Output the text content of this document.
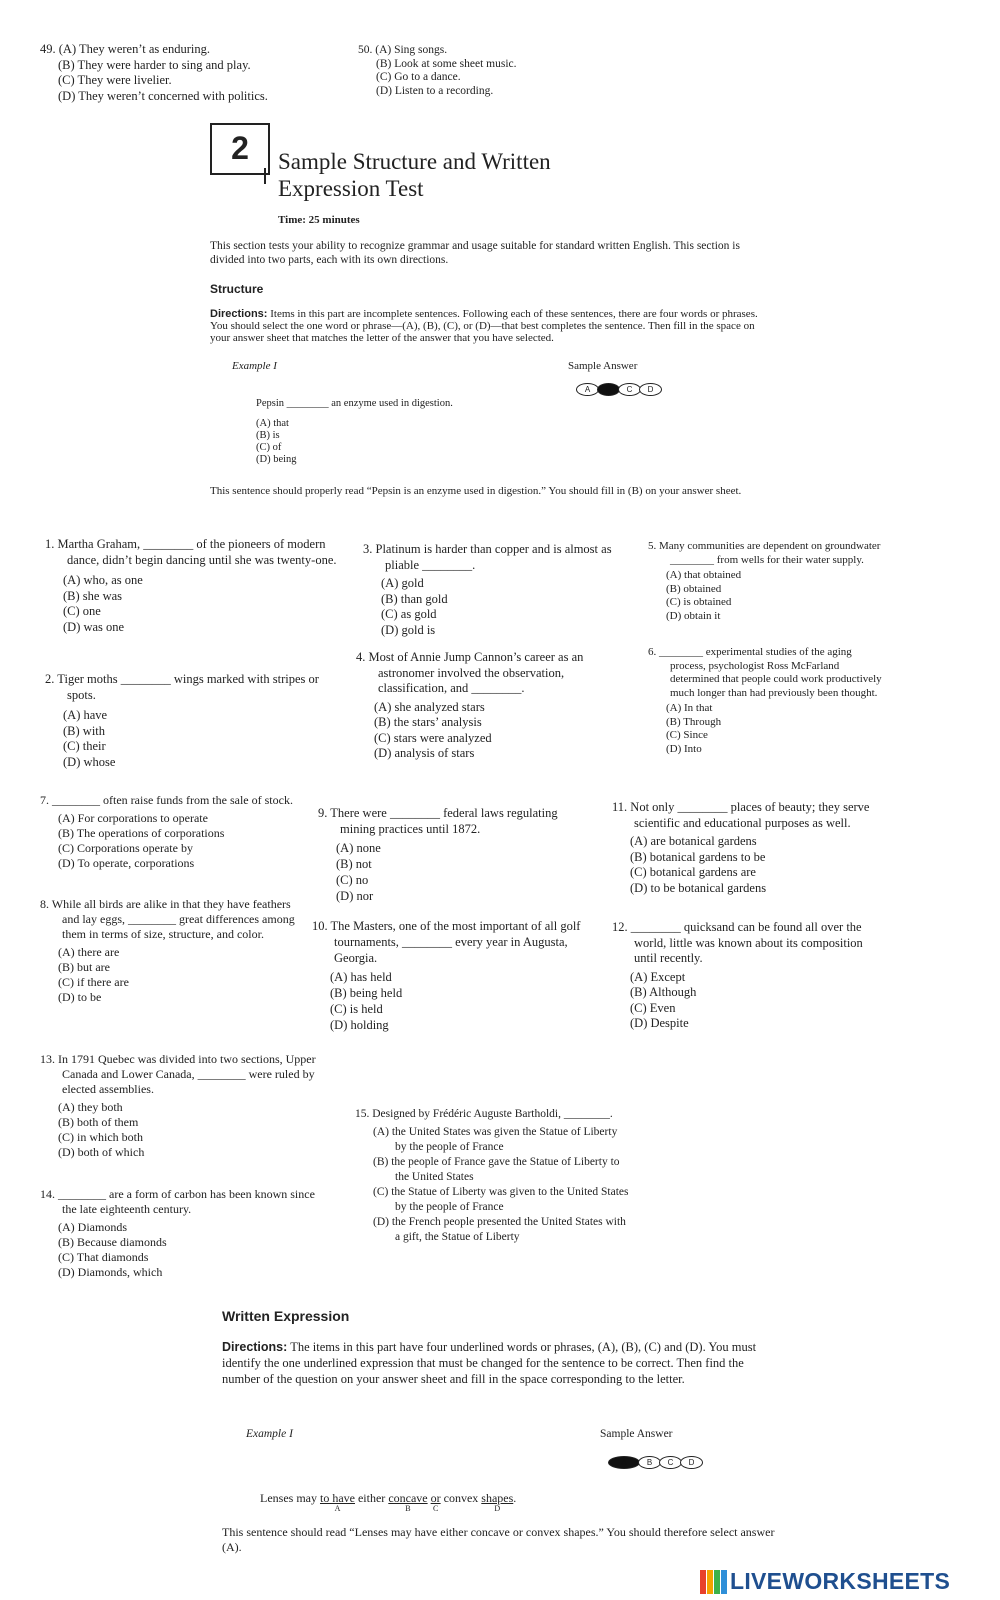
49. (A) They weren’t as enduring.
(B) They were harder to sing and play.
(C) They were livelier.
(D) They weren’t concerned with politics.
50. (A) Sing songs.
(B) Look at some sheet music.
(C) Go to a dance.
(D) Listen to a recording.
2	Sample Structure and Written
Expression Test
Time: 25 minutes
This section tests your ability to recognize grammar and usage suitable for standard written English. This section is divided into two parts, each with its own directions.
Structure
Directions: Items in this part are incomplete sentences. Following each of these sentences, there are four words or phrases. You should select the one word or phrase—(A), (B), (C), or (D)—that best completes the sentence. Then fill in the space on your answer sheet that matches the letter of the answer that you have selected.
Example I	Sample Answer
A B C D
Pepsin ________ an enzyme used in digestion.
(A) that
(B) is
(C) of
(D) being
This sentence should properly read “Pepsin is an enzyme used in digestion.” You should fill in (B) on your answer sheet.
1. Martha Graham, ________ of the pioneers of modern dance, didn’t begin dancing until she was twenty-one.
(A) who, as one
(B) she was
(C) one
(D) was one
2. Tiger moths ________ wings marked with stripes or spots.
(A) have
(B) with
(C) their
(D) whose
3. Platinum is harder than copper and is almost as pliable ________.
(A) gold
(B) than gold
(C) as gold
(D) gold is
4. Most of Annie Jump Cannon’s career as an astronomer involved the observation, classification, and ________.
(A) she analyzed stars
(B) the stars’ analysis
(C) stars were analyzed
(D) analysis of stars
5. Many communities are dependent on groundwater ________ from wells for their water supply.
(A) that obtained
(B) obtained
(C) is obtained
(D) obtain it
6. ________ experimental studies of the aging process, psychologist Ross McFarland determined that people could work productively much longer than had previously been thought.
(A) In that
(B) Through
(C) Since
(D) Into
7. ________ often raise funds from the sale of stock.
(A) For corporations to operate
(B) The operations of corporations
(C) Corporations operate by
(D) To operate, corporations
8. While all birds are alike in that they have feathers and lay eggs, ________ great differences among them in terms of size, structure, and color.
(A) there are
(B) but are
(C) if there are
(D) to be
9. There were ________ federal laws regulating mining practices until 1872.
(A) none
(B) not
(C) no
(D) nor
10. The Masters, one of the most important of all golf tournaments, ________ every year in Augusta, Georgia.
(A) has held
(B) being held
(C) is held
(D) holding
11. Not only ________ places of beauty; they serve scientific and educational purposes as well.
(A) are botanical gardens
(B) botanical gardens to be
(C) botanical gardens are
(D) to be botanical gardens
12. ________ quicksand can be found all over the world, little was known about its composition until recently.
(A) Except
(B) Although
(C) Even
(D) Despite
13. In 1791 Quebec was divided into two sections, Upper Canada and Lower Canada, ________ were ruled by elected assemblies.
(A) they both
(B) both of them
(C) in which both
(D) both of which
14. ________ are a form of carbon has been known since the late eighteenth century.
(A) Diamonds
(B) Because diamonds
(C) That diamonds
(D) Diamonds, which
15. Designed by Frédéric Auguste Bartholdi, ________.
(A) the United States was given the Statue of Liberty by the people of France
(B) the people of France gave the Statue of Liberty to the United States
(C) the Statue of Liberty was given to the United States by the people of France
(D) the French people presented the United States with a gift, the Statue of Liberty
Written Expression
Directions: The items in this part have four underlined words or phrases, (A), (B), (C) and (D). You must identify the one underlined expression that must be changed for the sentence to be correct. Then find the number of the question on your answer sheet and fill in the space corresponding to the letter.
Example I	Sample Answer
A	B C D
Lenses may to have
A
either concave
B
or
C
convex shapes
D
.
This sentence should read “Lenses may have either concave or convex shapes.” You should therefore select answer (A).
LIVEWORKSHEETS
